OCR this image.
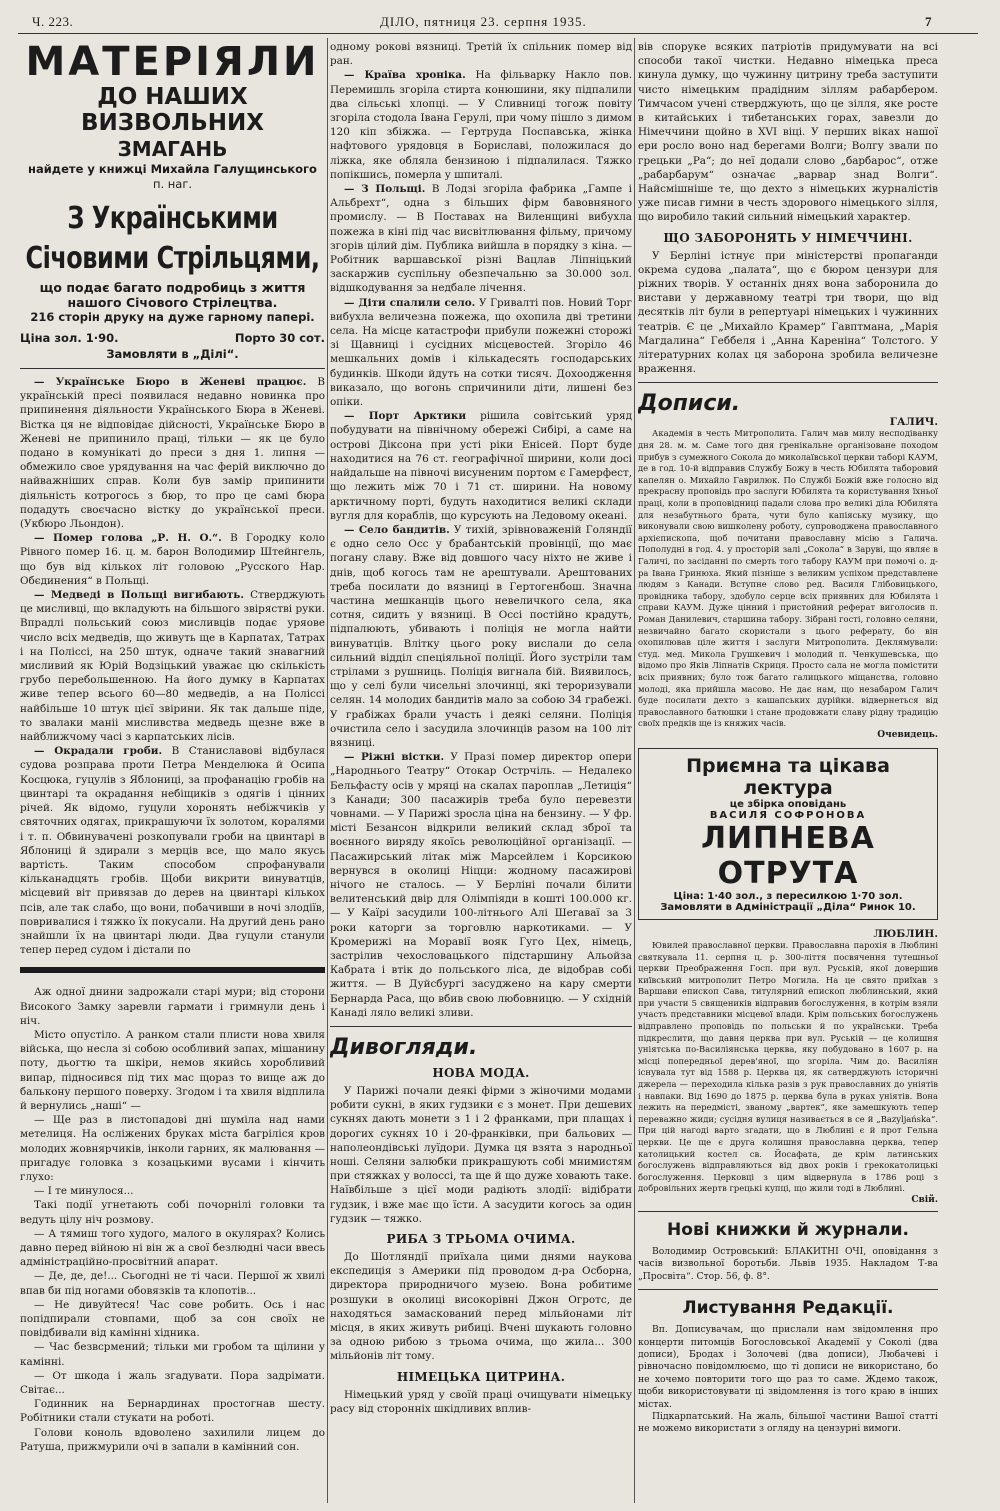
Ч. 223.	ДІЛО, пятниця 23. серпня 1935.	7
МАТЕРІЯЛИ
ДО НАШИХ ВИЗВОЛЬНИХ
ЗМАГАНЬ
найдете у книжці Михайла Галущинського
п. наг.
З Українськими Січовими Стрільцями,
що подає багато подробиць з життя нашого Січового Стрілецтва.
216 сторін друку на дуже гарному папері.
Ціна зол. 1·90.	Порто 30 сот.
Замовляти в „Ділі“.

— Українське Бюро в Женеві працює. В українській пресі появилася недавно новинка про припинення діяльности Українського Бюра в Женеві. Вістка ця не відповідає дійсності, Українське Бюро в Женеві не припинило праці, тільки — як це було подано в комунікаті до преси з дня 1. липня — обмежило свое урядування на час ферій виключно до найважніших справ. Коли був замір припинити діяльність котрогось з бюр, то про це самі бюра подадуть своєчасно вістку до української преси. (Укбюро Льондон).

— Помер голова „Р. Н. О.“. В Городку коло Рівного помер 16. ц. м. барон Володимир Штейнгель, що був від кількох літ головою „Русского Нар. Обєдинения“ в Польщі.

— Медведі в Польщі вигибають. Стверджують це мисливці, що вкладують на більшого звірястві руки. Впрадлі польський союз мисливців подає уряове число всіх медведів, що живуть ще в Карпатах, Татрах і на Поліссі, на 250 штук, одначе такий знавагний мисливий як Юрій Водзіцький уважає цю скількість грубо перебольшенною. На його думку в Карпатах живе тепер всього 60—80 медведів, а на Поліссі найбільше 10 штук цієї звірини. Як так дальше піде, то звалаки маніі мисливства медведь щезне вже в найближчому часі з карпатських лісів.

— Окрадали гроби. В Станиславові відбулася судова розправа проти Петра Менделюка й Осипа Косцюка, гуцулів з Яблониці, за профанацію гробів на цвинтарі та окрадання небіщиків з одягів і цінних річей. Як відомо, гуцули хоронять небіжчиків у святочних одягах, прикрашуючи їх золотом, коралями і т. п. Обвинувачені розкопували гроби на цвинтарі в Яблониці й здирали з мерців все, що мало якусь вартість. Таким способом спрофанували кільканадцять гробів. Щоби викрити винуватців, місцевий віт привязав до дерев на цвинтарі кількох псів, але так слабо, що вони, побачивши в ночі злодіїв, повривалися і тяжко їх покусали. На другий день рано знайшли їх на цвинтарі люди. Два гуцули станули тепер перед судом і дістали по

Аж одної днини задрожали старі мури; від сторони Високого Замку заревли гармати і гримнули день і ніч.

Місто опустіло. А ранком стали плисти нова хвиля війська, що несла зі собою особливий запах, мішанину поту, дьогтю та шкіри, немов якийсь хоробливий випар, підносився під тих мас щораз то вище аж до балькону першого поверху. Згодом і та хвиля відплила й вернулись „наші“ —

— Ще раз в листопадові дні шуміла над нами метелиця. На осліжених бруках міста багріліся кров молодих жовнярчиків, інколи гарних, як малювання — пригадує головка з козацькими вусами і кінчить глухо:

— І те минулося...

Такі події угнетають собі почорнілі головки та ведуть цілу ніч розмову.

— А тямиш того худого, малого в окулярах? Колись давно перед війною ні він ж а свої безлюдні часи ввесь адміністраційно-просвітний апарат.

— Де, де, де!... Сьогодні не ті часи. Першої ж хвилі впав би під ногами обовязків та клопотів...

— Не дивуйтеся! Час сове робить. Ось і нас попідпирали стовпами, щоб за сон своїх не повідбивали від камінні хідника.

— Час безвсрмений; тільки ми гробом та щілини у камінні.

— От шкода і жаль згадувати. Пора задрімати. Світає...

Годинник на Бернардинах простогнав шесту. Робітники стали стукати на роботі.

Голови коноль вдоволено захилили лицем до Ратуша, прижмурили очі в запали в камінний сон.

одному рокові вязниці. Третій їх спільник помер від ран.

— Країва хроніка. На фільварку Накло пов. Перемишль згоріла стирта конюшини, яку підпалили два сільські хлопці. — У Сливниці тогож повіту згоріла стодола Івана Герулі, при чому пішло з димом 120 кіп збіжжа. — Гертруда Поспавська, жінка нафтового урядовця в Бориславі, положилася до ліжка, яке обляла бензиною і підпалилася. Тяжко попікшись, померла у шпиталі.

— З Польщі. В Лодзі згоріла фабрика „Гампе і Альбрехт“, одна з більших фірм бавовняного промислу. — В Поставах на Виленщині вибухла пожежа в кіні під час висвітлювання фільму, причому згорів цілий дім. Публика вийшла в порядку з кіна. — Робітник варшавської різні Вацлав Ліпніцький заскаржив суспільну обезпечальню за 30.000 зол. відшкодування за недбале лічення.

— Діти спалили село. У Гривалті пов. Новий Торг вибухла величезна пожежа, що охопила дві третини села. На місце катастрофи прибули пожежні сторожі зі Щавниці і сусідних місцевостей. Згоріло 46 мешкальних домів і кількадесять господарських будинків. Шкоди йдуть на сотки тисяч. Дохоодження виказало, що вогонь спричинили діти, лишені без опіки.

— Порт Арктики рішила совітський уряд побудувати на північному обережі Сибірі, а саме на острові Діксона при усті ріки Енісей. Порт буде находитися на 76 ст. географічної ширини, коли досі найдальше на півночі висуненим портом є Гамерфест, що лежить між 70 і 71 ст. ширини. На новому арктичному порті, будуть находитися великі склади вугля для кораблів, що курсують на Ледовому океані.

— Село бандитів. У тихій, зрівноваженій Голяндії є одно село Осс у брабантській провінції, що має погану славу. Вже від довшого часу ніхто не живе і днів, щоб когось там не арештували. Арештованих треба посилати до вязниці в Гертогенбош. Значна частина мешканців цього невеличкого села, яка сотня, сидить у вязниці. В Оссі постійно крадуть, підпалюють, убивають і поліція не могла найти винуватців. Влітку цього року вислали до села сильний відділ спеціяльної поліції. Його зустріли там стрілами з рушниць. Поліція вигнала бій. Виявилось, що у селі були чисельні злочинці, які тероризували селян. 14 молодих бандитів мало за собою 34 грабежі. У грабіжах брали участь і деякі селяни. Поліція очистила село і засудила злочинців разом на 100 літ вязниці.

— Ріжні вістки. У Празі помер директор опери „Народнього Театру“ Отокар Острчіль. — Недалеко Бельфасту осів у мряці на скалах пароплав „Летиція“ з Канади; 300 пасажирів треба було перевезти човнами. — У Парижі зросла ціна на бензину. — У фр. місті Безансон відкрили великий склад зброї та воєнного виряду якоїсь революційної організації. — Пасажирський літак між Марсейлем і Корсикою вернувся в околиці Ніцци: жодному пасажирові нічого не сталось. — У Берліні почали білити велитенський двір для Олімпіяди в кошті 100.000 кг. — У Каїрі засудили 100-літнього Алі Шегаваї за 3 роки каторги за торговлю наркотиками. — У Кромерижі на Моравії вояк Гуго Цех, німець, застрілив чехословацького підстаршину Альойза Кабрата і втік до польського ліса, де відобрав собі життя. — В Дуйсбургі засуджено на кару смерти Бернарда Раса, що вбив свою любовницю. — У східній Канаді ляло великі зливи.

Дивогляди.
НОВА МОДА.

У Парижі почали деякі фірми з жіночими модами робити сукні, в яких гудзики є з монет. При дешевих сукнях дають монети з 1 і 2 франками, при плащах і дорогих сукнях 10 і 20-франківки, при бальових — наполеондівські луїдори. Думка ця взята з народньої ноші. Селяни залюбки прикрашують собі мнимистям при стяжках у волоссі, та ще й що дуже ховають таке. Наївбільше з цієї моди радіють злодії: відібрати гудзик, і вже має що їсти. А засудити когось за один гудзик — тяжко.

РИБА З ТРЬОМА ОЧИМА.

До Шотляндії приїхала цими днями наукова експедиція з Америки під проводом д-ра Осборна, директора природничого музею. Вона робитиме розшуки в околиці високорівні Джон Огротс, де находяться замаскований перед мільйонами літ місця, в яких живуть рибиці. Вчені шукають головно за одною рибою з трьома очима, що жила... 300 мільйонів літ тому.

НІМЕЦЬКА ЦИТРИНА.

Німецький уряд у своїй праці очищувати німецьку расу від сторонніх шкідливих вплив-

вів споруке всяких патріотів придумувати на всі способи такої чистки. Недавно німецька преса кинула думку, що чужинну цитрину треба заступити чисто німецьким прадідним зіллям рабарбером. Тимчасом учені стверджують, що це зілля, яке росте в китайських і тибетанських горах, завезли до Німеччини щойно в XVI віці. У перших віках нашої ери росло воно над берегами Волги; Волгу звали по грецьки „Ра“; до неї додали слово „барбарос“, отже „рабарбарум“ означає „варвар знад Волги“. Найсмішніше те, що дехто з німецьких журналістів уже писав гимни в честь здорового німецького зілля, що виробило такий сильний німецький характер.

ЩО ЗАБОРОНЯТЬ У НІМЕЧЧИНІ.

У Берліні істнує при міністерстві пропаганди окрема судова „палата“, що є бюром цензури для ріжних творів. У останніх днях вона заборонила до вистави у державному театрі три твори, що від десятків літ були в репертуарі німецьких і чужинних театрів. Є це „Михайло Крамер“ Гавптмана, „Марія Магдалина“ Геббеля і „Анна Кареніна“ Толстого. У літературних колах ця заборона зробила величезне враження.

Дописи.
ГАЛИЧ.

Академія в честь Митрополита. Галич мав милу несподіванку дня 28. м. м. Саме того дня гренікальне організоване походом прибув з сумежного Сокола до миколаївської церкви таборі КАУМ, де в год. 10-й відправив Службу Божу в честь Юбилята таборовий капелян о. Михайло Гаврилюк. По Службі Божій вже голосно від прекрасну проповідь про заслуги Юбилята та користування їхньої праці, коли в проповідниці падали слова про великі діла Юбилята для незабутнього брата, чути було капіяську музику, що виконували свою вишколену роботу, супроводжена православного архієпископа, щоб почитани православну місію з Галича. Пополудні в год. 4. у просторій залі „Сокола“ в Заруві, що являє в Галичі, по засіданні по смерть того табору КАУМ при помочі о. д-ра Івана Гринюха. Який пізніше з великим успіхом представлене людям з Канади. Вступне слово ред. Василя Глібовицького, провідника табору, здобуло серце всіх приявних для Юбилята і справи КАУМ. Дуже цінний і пристойний реферат виголосив п. Роман Данилевич, старшина табору. Зібрані гості, головно селяни, незвичайно багато скористали з цього реферату, бо він охопилював ціле життя і заслуги Митрополита. Деклямували: студ. мед. Миколa Грушкевич і молодий п. Ченкушевськa, що відомо про Яків Ліпнатів Скриця. Просто сала не могла помістити всіх приявних; було тож багато галицького міщанства, головно молоді, яка прийшла масово. Не дає нам, що незабаром Галич буде посилати дехто з кашапських дурійки. відвернеться від православного батюшки і стане продовжати славу рідну традицію своїх предків ще із княжих часів.

Очевидець.
Приємна та цікава лектура
це збірка оповідань
ВАСИЛЯ СОФРОНОВА
ЛИПНЕВА ОТРУТА
Ціна: 1·40 зол., з пересилкою 1·70 зол.
Замовляти в Адміністрації „Діла“ Ринок 10.
ЛЮБЛИН.

Ювилей православної церкви. Православна парохія в Люблині святкувала 11. серпня ц. р. 300-ліття посвячення тутешньої церкви Преображення Госп. при вул. Руській, якої довершив київський митрополит Петро Могила. На це свято приїхав з Варшави епископ Сава, титулярний епископ люблинський, який при участи 5 священиків відправив богослуження, в котрім взяли участь представники місцевої влади. Крім польських богослужень відправлено проповідь по польськи й по українськи. Треба підкреслити, що давня церква при вул. Руській — це колишня уніятська по-Василіянська церква, яку побудовано в 1607 р. на місці попередньої дерев'яної, що згоріла. Чим до. Василіян існувала тут від 1588 р. Церква ця, як сатверджують історичні джерела — переходила кілька разів з рук православних до уніятів і навпаки. Від 1690 до 1875 р. церква була в руках уніятів. Вона лежить на передмісті, званому „вартек“, яке замешкують тепер переважно жиди; сусідня вулиця називається в се й „Bazyljańska“. При цій нагоді варто згадати, що в Люблині є й прот Гельна церкви. Це ще є друга колишня православна церква, тепер католицький костел св. Йосафата, де крім латинських богослужень відправляються від двох років і грекокатолицькі богослуження. Церковці з цим відвернула в 1786 році з добровільних жертв грецькі купці, що жили тоді в Люблині.

Свій.
Нові книжки й журнали.

Володимир Островський: БЛАКИТНІ ОЧІ, оповідання з часів визвольної боротьби. Львів 1935. Накладом Т-ва „Просвіта“. Стор. 56, ф. 8°.

Листування Редакції.

Вп. Дописувачам, що прислали нам звідомлення про концерти питомців Богословської Академії у Соколі (два дописи), Бродах і Золочеві (два дописи), Любачеві і рівночасно повідомлюємо, що ті дописи не використано, бо не хочемо повторити того що раз то саме. Ждемо також, щоби використовувати ці звідомлення із того краю в інших містах.

Підкарпатський. На жаль, більшої частини Вашої статті не можемо використати з огляду на цензурні вимоги.
